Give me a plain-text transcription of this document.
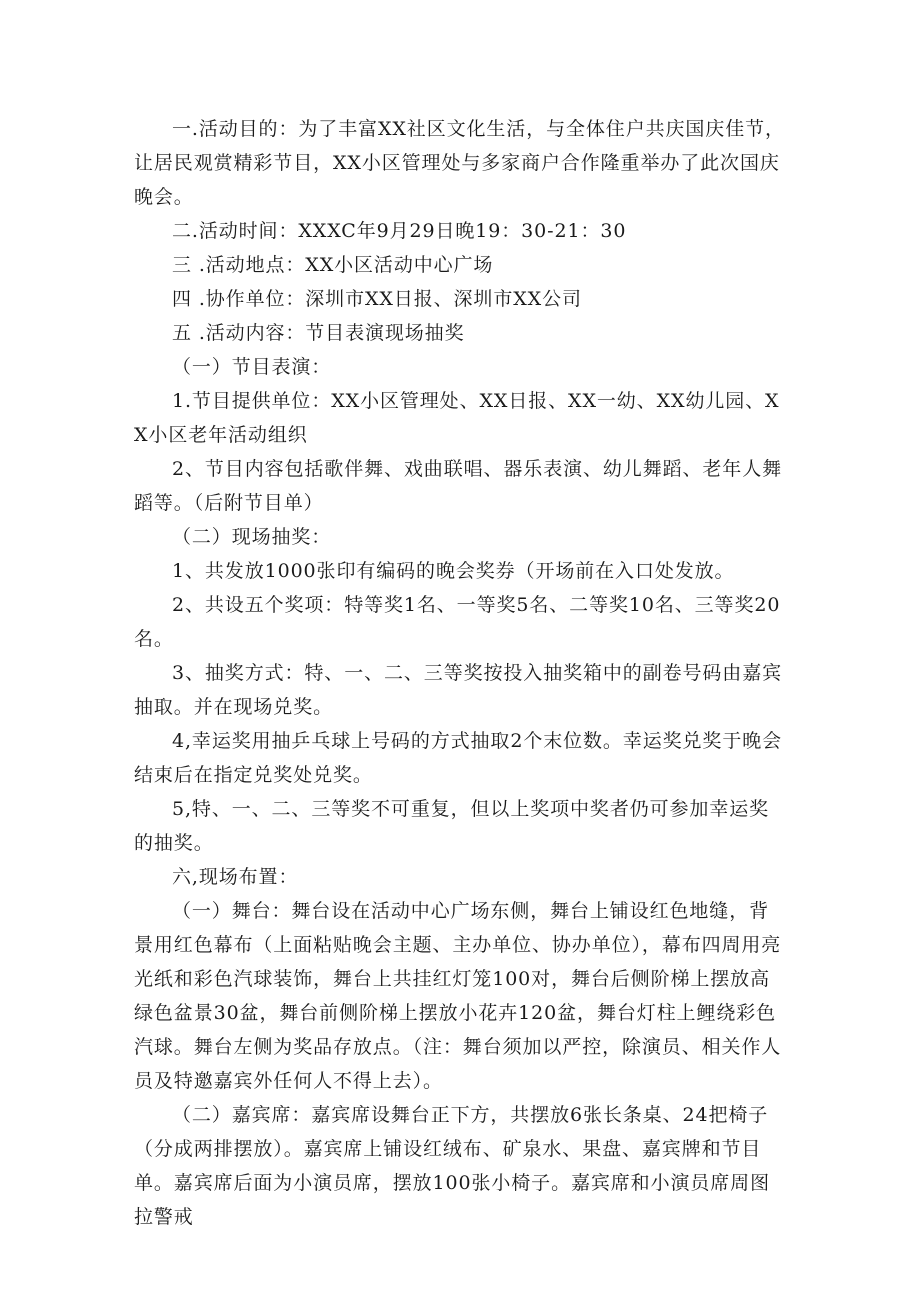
一.活动目的：为了丰富XX社区文化生活，与全体住户共庆国庆佳节，让居民观赏精彩节目，XX小区管理处与多家商户合作隆重举办了此次国庆晚会。

二.活动时间：XXXC年9月29日晚19：30-21：30

三 .活动地点：XX小区活动中心广场

四 .协作单位：深圳市XX日报、深圳市XX公司

五 .活动内容：节目表演现场抽奖

（一）节目表演：

1.节目提供单位：XX小区管理处、XX日报、XX一幼、XX幼儿园、XX小区老年活动组织

2、节目内容包括歌伴舞、戏曲联唱、器乐表演、幼儿舞蹈、老年人舞蹈等。（后附节目单）

（二）现场抽奖：

1、共发放1000张印有编码的晚会奖券（开场前在入口处发放。

2、共设五个奖项：特等奖1名、一等奖5名、二等奖10名、三等奖20名。

3、抽奖方式：特、一、二、三等奖按投入抽奖箱中的副卷号码由嘉宾抽取。并在现场兑奖。

4,幸运奖用抽乒乓球上号码的方式抽取2个末位数。幸运奖兑奖于晚会结束后在指定兑奖处兑奖。

5,特、一、二、三等奖不可重复，但以上奖项中奖者仍可参加幸运奖的抽奖。

六,现场布置：

（一）舞台：舞台设在活动中心广场东侧，舞台上铺设红色地缝，背景用红色幕布（上面粘贴晚会主题、主办单位、协办单位），幕布四周用亮光纸和彩色汽球装饰，舞台上共挂红灯笼100对，舞台后侧阶梯上摆放高绿色盆景30盆，舞台前侧阶梯上摆放小花卉120盆，舞台灯柱上鲤绕彩色汽球。舞台左侧为奖品存放点。（注：舞台须加以严控，除演员、相关作人员及特邀嘉宾外任何人不得上去）。

（二）嘉宾席：嘉宾席设舞台正下方，共摆放6张长条桌、24把椅子（分成两排摆放）。嘉宾席上铺设红绒布、矿泉水、果盘、嘉宾牌和节目单。嘉宾席后面为小演员席，摆放100张小椅子。嘉宾席和小演员席周图拉警戒
